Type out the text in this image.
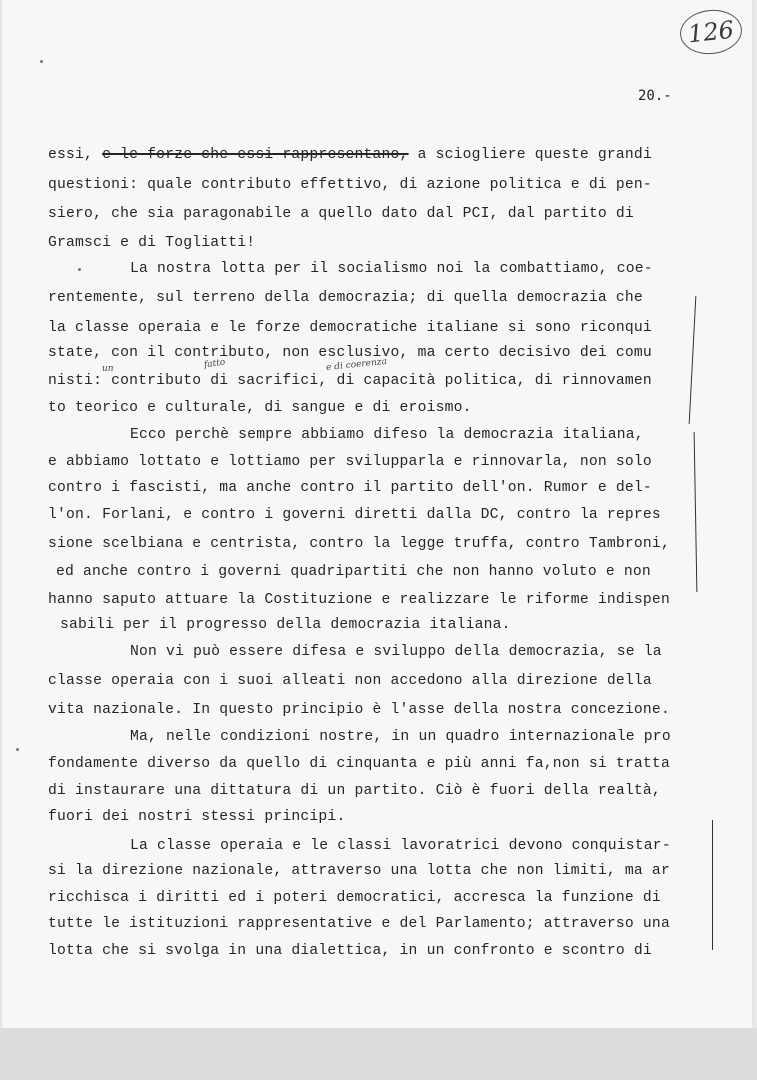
126
20.-
essi, e le forze che essi rappresentano, a sciogliere queste grandi
questioni: quale contributo effettivo, di azione politica e di pen-
siero, che sia paragonabile a quello dato dal PCI, dal partito di
Gramsci e di Togliatti!
La nostra lotta per il socialismo noi la combattiamo, coe-
rentemente, sul terreno della democrazia; di quella democrazia che
la classe operaia e le forze democratiche italiane si sono riconqui
state, con il contributo, non esclusivo, ma certo decisivo dei comu
nisti: contributo di sacrifici, di capacità politica, di rinnovamen
to teorico e culturale, di sangue e di eroismo.
un	fatto	e di coerenza
Ecco perchè sempre abbiamo difeso la democrazia italiana,
e abbiamo lottato e lottiamo per svilupparla e rinnovarla, non solo
contro i fascisti, ma anche contro il partito dell'on. Rumor e del-
l'on. Forlani, e contro i governi diretti dalla DC, contro la repres
sione scelbiana e centrista, contro la legge truffa, contro Tambroni,
ed anche contro i governi quadripartiti che non hanno voluto e non
hanno saputo attuare la Costituzione e realizzare le riforme indispen
sabili per il progresso della democrazia italiana.
Non vi può essere difesa e sviluppo della democrazia, se la
classe operaia con i suoi alleati non accedono alla direzione della
vita nazionale. In questo principio è l'asse della nostra concezione.
Ma, nelle condizioni nostre, in un quadro internazionale pro
fondamente diverso da quello di cinquanta e più anni fa,non si tratta
di instaurare una dittatura di un partito. Ciò è fuori della realtà,
fuori dei nostri stessi principi.
La classe operaia e le classi lavoratrici devono conquistar-
si la direzione nazionale, attraverso una lotta che non limiti, ma ar
ricchisca i diritti ed i poteri democratici, accresca la funzione di
tutte le istituzioni rappresentative e del Parlamento; attraverso una
lotta che si svolga in una dialettica, in un confronto e scontro di
